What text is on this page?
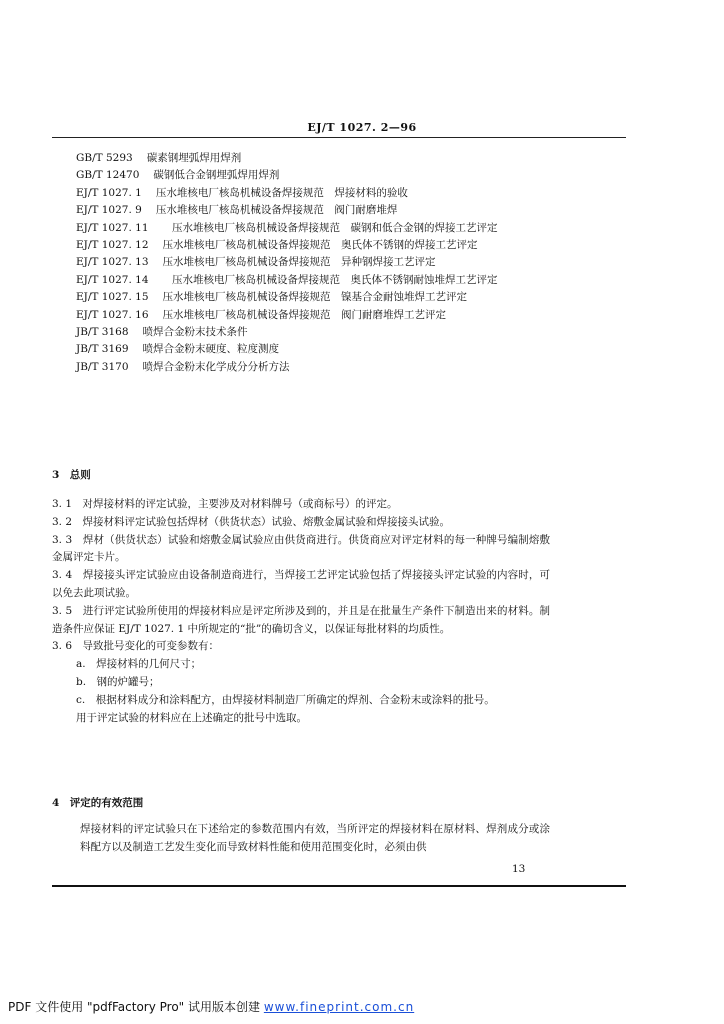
EJ/T 1027. 2—96
GB/T 5293 碳素钢埋弧焊用焊剂
GB/T 12470 碳钢低合金钢埋弧焊用焊剂
EJ/T 1027. 1 压水堆核电厂核岛机械设备焊接规范　焊接材料的验收
EJ/T 1027. 9 压水堆核电厂核岛机械设备焊接规范　阀门耐磨堆焊
EJ/T 1027. 11	压水堆核电厂核岛机械设备焊接规范　碳钢和低合金钢的焊接工艺评定
EJ/T 1027. 12 压水堆核电厂核岛机械设备焊接规范　奥氏体不锈钢的焊接工艺评定
EJ/T 1027. 13 压水堆核电厂核岛机械设备焊接规范　异种钢焊接工艺评定
EJ/T 1027. 14	压水堆核电厂核岛机械设备焊接规范　奥氏体不锈钢耐蚀堆焊工艺评定
EJ/T 1027. 15 压水堆核电厂核岛机械设备焊接规范　镍基合金耐蚀堆焊工艺评定
EJ/T 1027. 16 压水堆核电厂核岛机械设备焊接规范　阀门耐磨堆焊工艺评定
JB/T 3168 喷焊合金粉末技术条件
JB/T 3169 喷焊合金粉末硬度、粒度测度
JB/T 3170 喷焊合金粉末化学成分分析方法
3　总则

3. 1　对焊接材料的评定试验，主要涉及对材料牌号（或商标号）的评定。

3. 2　焊接材料评定试验包括焊材（供货状态）试验、熔敷金属试验和焊接接头试验。

3. 3　焊材（供货状态）试验和熔敷金属试验应由供货商进行。供货商应对评定材料的每一种牌号编制熔敷金属评定卡片。

3. 4　焊接接头评定试验应由设备制造商进行，当焊接工艺评定试验包括了焊接接头评定试验的内容时，可以免去此项试验。

3. 5　进行评定试验所使用的焊接材料应是评定所涉及到的，并且是在批量生产条件下制造出来的材料。制造条件应保证 EJ/T 1027. 1 中所规定的“批”的确切含义，以保证每批材料的均质性。

3. 6　导致批号变化的可变参数有：

a.　焊接材料的几何尺寸；

b.　钢的炉罐号；

c.　根据材料成分和涂料配方，由焊接材料制造厂所确定的焊剂、合金粉末或涂料的批号。

用于评定试验的材料应在上述确定的批号中选取。

4　评定的有效范围

焊接材料的评定试验只在下述给定的参数范围内有效，当所评定的焊接材料在原材料、焊剂成分或涂料配方以及制造工艺发生变化而导致材料性能和使用范围变化时，必须由供

13
PDF 文件使用 "pdfFactory Pro" 试用版本创建 www.fineprint.com.cn
